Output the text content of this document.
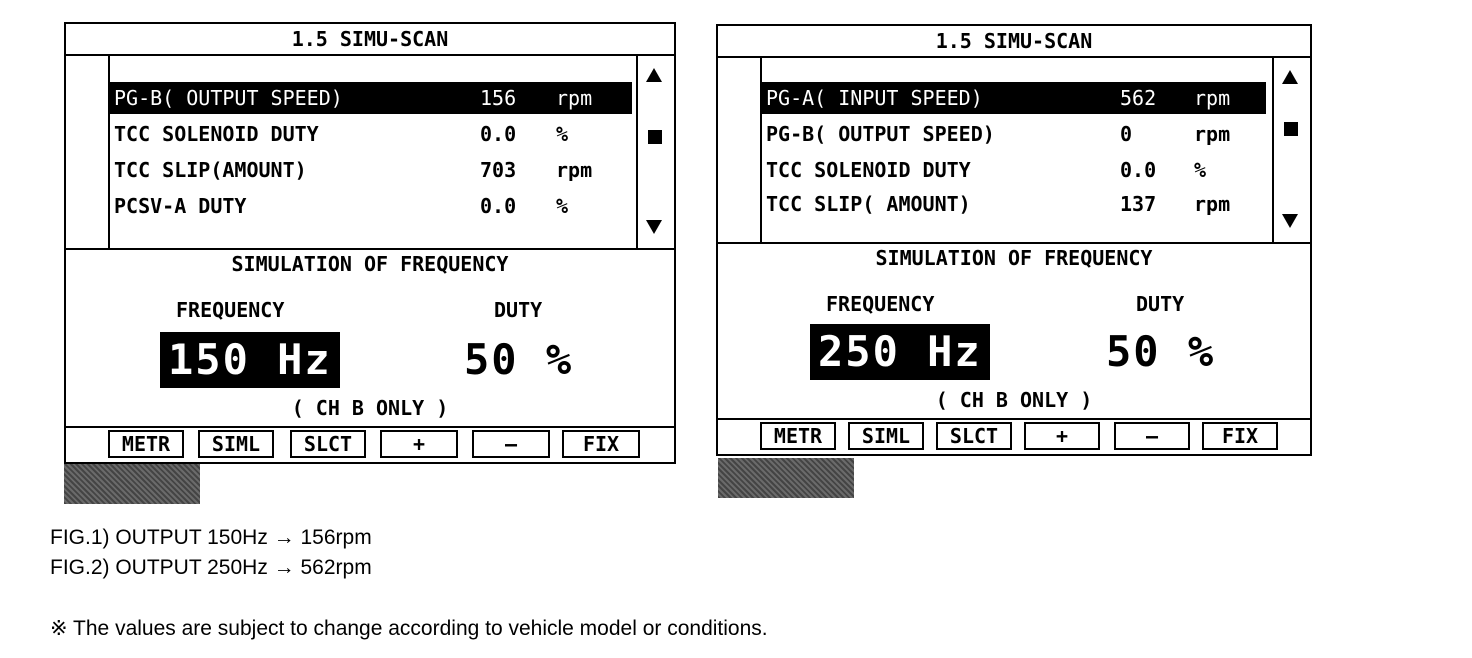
1.5 SIMU-SCAN
PG-B( OUTPUT SPEED)	156 rpm
TCC SOLENOID DUTY	0.0 %
TCC SLIP(AMOUNT)	703 rpm
PCSV-A DUTY	0.0 %
SIMULATION OF FREQUENCY
FREQUENCY	DUTY
150 Hz	50 %
( CH B ONLY )
METR	SIML	SLCT	+	—	FIX
1.5 SIMU-SCAN
PG-A( INPUT SPEED)	562 rpm
PG-B( OUTPUT SPEED)	0	rpm
TCC SOLENOID DUTY	0.0 %
TCC SLIP( AMOUNT)	137 rpm
SIMULATION OF FREQUENCY
FREQUENCY	DUTY
250 Hz	50 %
( CH B ONLY )
METR	SIML	SLCT	+	—	FIX
FIG.1) OUTPUT 150Hz → 156rpm
FIG.2) OUTPUT 250Hz → 562rpm
※ The values are subject to change according to vehicle model or conditions.
